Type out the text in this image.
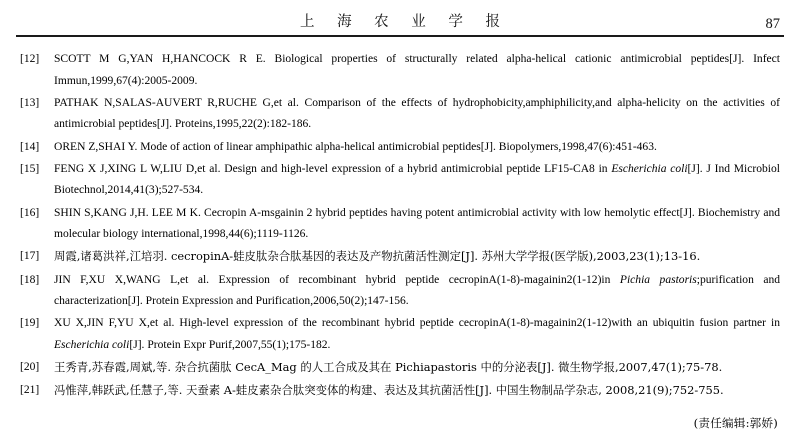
上 海 农 业 学 报	87
[12]	SCOTT M G,YAN H,HANCOCK R E. Biological properties of structurally related alpha-helical cationic antimicrobial peptides[J]. Infect Immun,1999,67(4):2005-2009.
[13]	PATHAK N,SALAS-AUVERT R,RUCHE G,et al. Comparison of the effects of hydrophobicity,amphiphilicity,and alpha-helicity on the activities of antimicrobial peptides[J]. Proteins,1995,22(2):182-186.
[14]	OREN Z,SHAI Y. Mode of action of linear amphipathic alpha-helical antimicrobial peptides[J]. Biopolymers,1998,47(6):451-463.
[15]	FENG X J,XING L W,LIU D,et al. Design and high-level expression of a hybrid antimicrobial peptide LF15-CA8 in Escherichia coli[J]. J Ind Microbiol Biotechnol,2014,41(3);527-534.
[16]	SHIN S,KANG J,H. LEE M K. Cecropin A-msgainin 2 hybrid peptides having potent antimicrobial activity with low hemolytic effect[J]. Biochemistry and molecular biology international,1998,44(6);1119-1126.
[17]	周霞,诸葛洪祥,江培羽. cecropinA-蛙皮肽杂合肽基因的表达及产物抗菌活性测定[J]. 苏州大学学报(医学版),2003,23(1);13-16.
[18]	JIN F,XU X,WANG L,et al. Expression of recombinant hybrid peptide cecropinA(1-8)-magainin2(1-12)in Pichia pastoris;purification and characterization[J]. Protein Expression and Purification,2006,50(2);147-156.
[19]	XU X,JIN F,YU X,et al. High-level expression of the recombinant hybrid peptide cecropinA(1-8)-magainin2(1-12)with an ubiquitin fusion partner in Escherichia coli[J]. Protein Expr Purif,2007,55(1);175-182.
[20]	王秀青,苏春霞,周斌,等. 杂合抗菌肽 CecA_Mag 的人工合成及其在 Pichiapastoris 中的分泌表[J]. 微生物学报,2007,47(1);75-78.
[21]	冯惟萍,韩跃武,任慧子,等. 天蚕素 A-蛙皮素杂合肽突变体的构建、表达及其抗菌活性[J]. 中国生物制品学杂志, 2008,21(9);752-755.
(责任编辑:郭娇)
